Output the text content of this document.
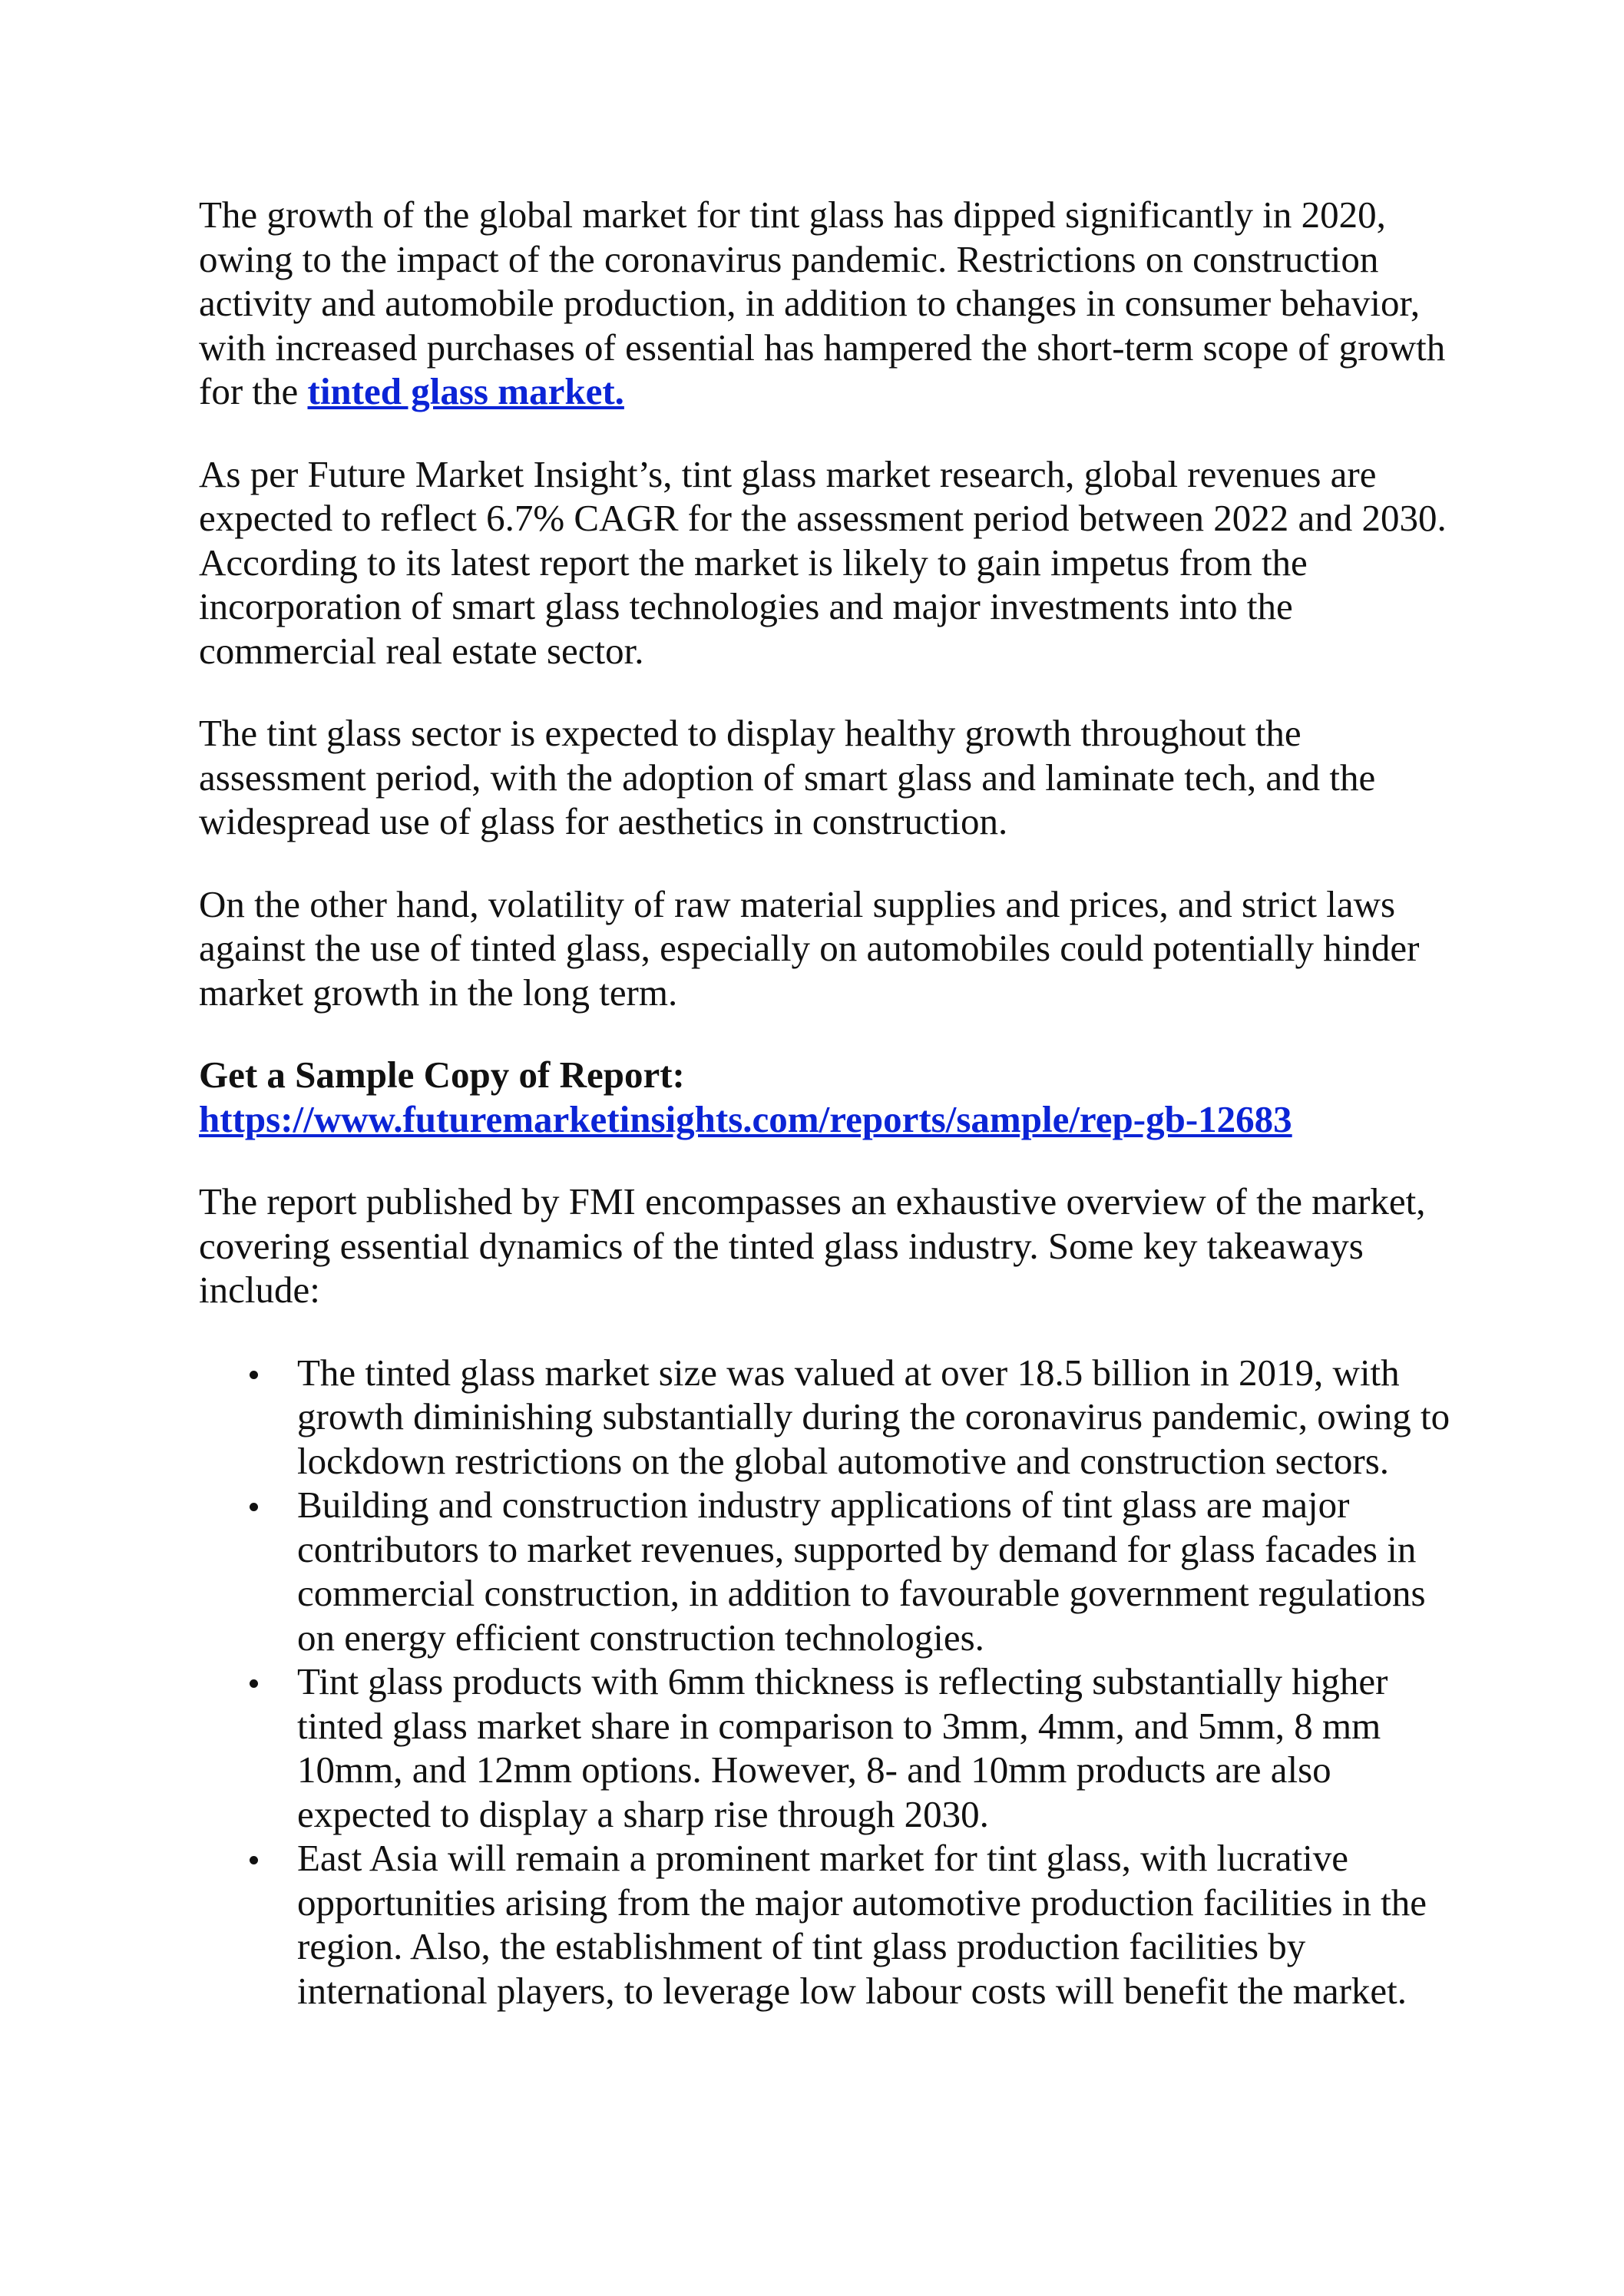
The growth of the global market for tint glass has dipped significantly in 2020, owing to the impact of the coronavirus pandemic. Restrictions on construction activity and automobile production, in addition to changes in consumer behavior, with increased purchases of essential has hampered the short-term scope of growth for the tinted glass market.

As per Future Market Insight’s, tint glass market research, global revenues are expected to reflect 6.7% CAGR for the assessment period between 2022 and 2030. According to its latest report the market is likely to gain impetus from the incorporation of smart glass technologies and major investments into the commercial real estate sector.

The tint glass sector is expected to display healthy growth throughout the assessment period, with the adoption of smart glass and laminate tech, and the widespread use of glass for aesthetics in construction.

On the other hand, volatility of raw material supplies and prices, and strict laws against the use of tinted glass, especially on automobiles could potentially hinder market growth in the long term.

Get a Sample Copy of Report:
https://www.futuremarketinsights.com/reports/sample/rep-gb-12683

The report published by FMI encompasses an exhaustive overview of the market, covering essential dynamics of the tinted glass industry. Some key takeaways include:

The tinted glass market size was valued at over 18.5 billion in 2019, with growth diminishing substantially during the coronavirus pandemic, owing to lockdown restrictions on the global automotive and construction sectors.
Building and construction industry applications of tint glass are major contributors to market revenues, supported by demand for glass facades in commercial construction, in addition to favourable government regulations on energy efficient construction technologies.
Tint glass products with 6mm thickness is reflecting substantially higher tinted glass market share in comparison to 3mm, 4mm, and 5mm, 8 mm 10mm, and 12mm options. However, 8- and 10mm products are also expected to display a sharp rise through 2030.
East Asia will remain a prominent market for tint glass, with lucrative opportunities arising from the major automotive production facilities in the region. Also, the establishment of tint glass production facilities by international players, to leverage low labour costs will benefit the market.
